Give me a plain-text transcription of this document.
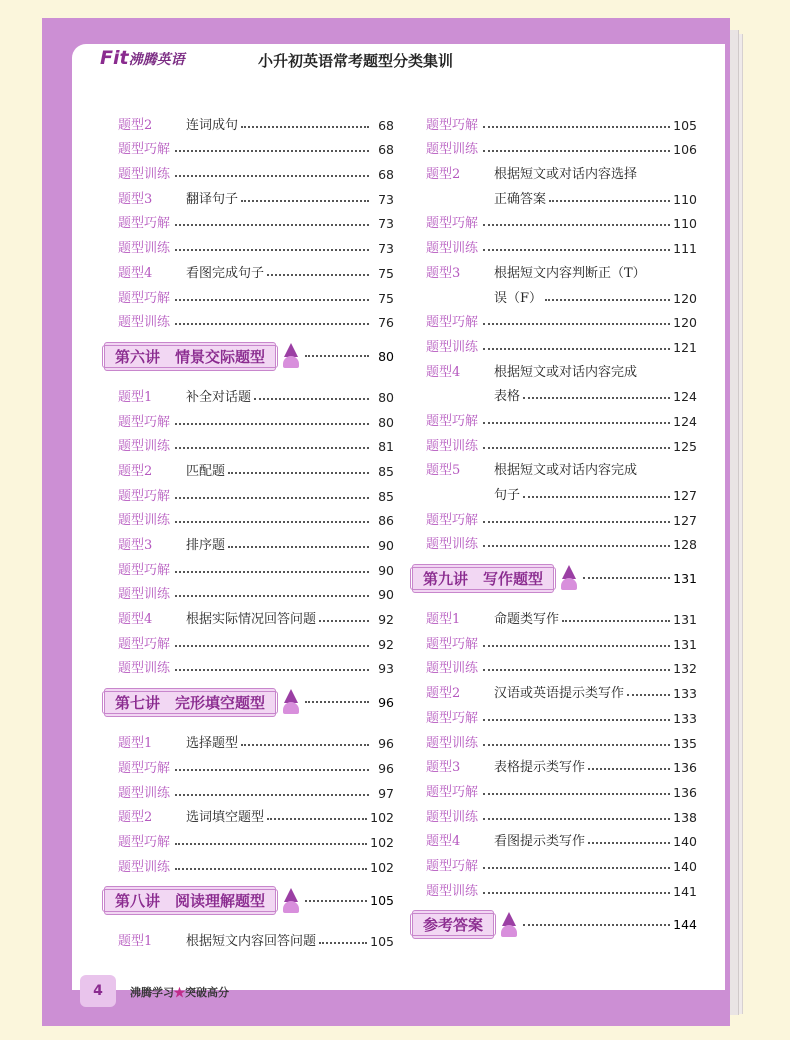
Fit沸腾英语	小升初英语常考题型分类集训
题型2	连词成句	68
题型巧解	68
题型训练	68
题型3	翻译句子	73
题型巧解	73
题型训练	73
题型4	看图完成句子	75
题型巧解	75
题型训练	76
第六讲　情景交际题型	80
题型1	补全对话题	80
题型巧解	80
题型训练	81
题型2	匹配题	85
题型巧解	85
题型训练	86
题型3	排序题	90
题型巧解	90
题型训练	90
题型4	根据实际情况回答问题	92
题型巧解	92
题型训练	93
第七讲　完形填空题型	96
题型1	选择题型	96
题型巧解	96
题型训练	97
题型2	选词填空题型	102
题型巧解	102
题型训练	102
第八讲　阅读理解题型	105
题型1	根据短文内容回答问题	105
题型巧解	105
题型训练	106
题型2	根据短文或对话内容选择
正确答案	110
题型巧解	110
题型训练	111
题型3	根据短文内容判断正（T）
误（F）	120
题型巧解	120
题型训练	121
题型4	根据短文或对话内容完成
表格	124
题型巧解	124
题型训练	125
题型5	根据短文或对话内容完成
句子	127
题型巧解	127
题型训练	128
第九讲　写作题型	131
题型1	命题类写作	131
题型巧解	131
题型训练	132
题型2	汉语或英语提示类写作	133
题型巧解	133
题型训练	135
题型3	表格提示类写作	136
题型巧解	136
题型训练	138
题型4	看图提示类写作	140
题型巧解	140
题型训练	141
参考答案	144
4	沸腾学习★突破高分
